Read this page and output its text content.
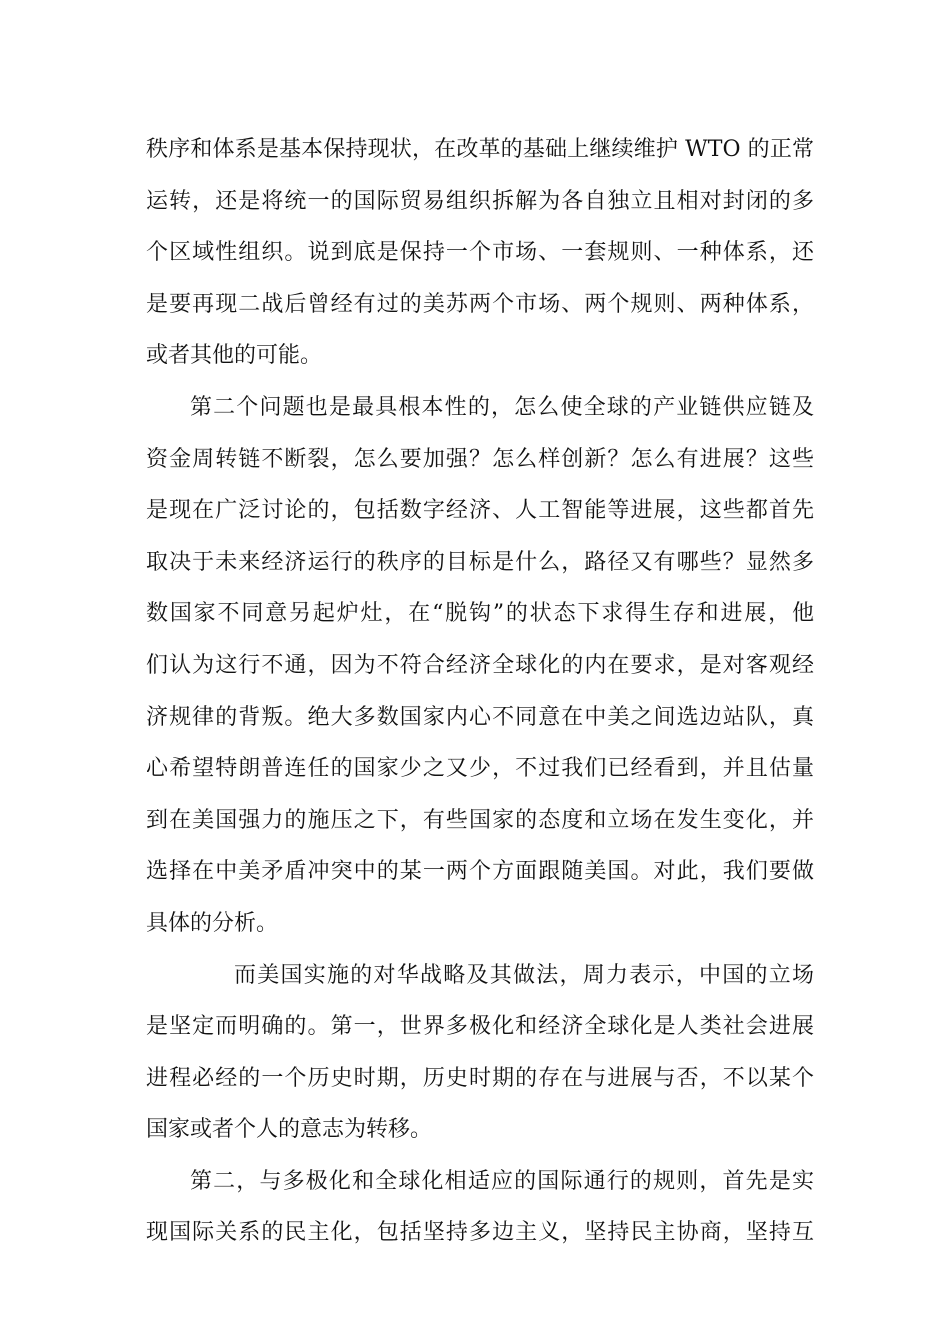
秩序和体系是基本保持现状，在改革的基础上继续维护 WTO 的正常
运转，还是将统一的国际贸易组织拆解为各自独立且相对封闭的多
个区域性组织。说到底是保持一个市场、一套规则、一种体系，还
是要再现二战后曾经有过的美苏两个市场、两个规则、两种体系，
或者其他的可能。
第二个问题也是最具根本性的，怎么使全球的产业链供应链及
资金周转链不断裂，怎么要加强？怎么样创新？怎么有进展？这些
是现在广泛讨论的，包括数字经济、人工智能等进展，这些都首先
取决于未来经济运行的秩序的目标是什么，路径又有哪些？显然多
数国家不同意另起炉灶，在“脱钩”的状态下求得生存和进展，他
们认为这行不通，因为不符合经济全球化的内在要求，是对客观经
济规律的背叛。绝大多数国家内心不同意在中美之间选边站队，真
心希望特朗普连任的国家少之又少，不过我们已经看到，并且估量
到在美国强力的施压之下，有些国家的态度和立场在发生变化，并
选择在中美矛盾冲突中的某一两个方面跟随美国。对此，我们要做
具体的分析。
而美国实施的对华战略及其做法，周力表示，中国的立场
是坚定而明确的。第一，世界多极化和经济全球化是人类社会进展
进程必经的一个历史时期，历史时期的存在与进展与否，不以某个
国家或者个人的意志为转移。
第二，与多极化和全球化相适应的国际通行的规则，首先是实
现国际关系的民主化，包括坚持多边主义，坚持民主协商，坚持互
